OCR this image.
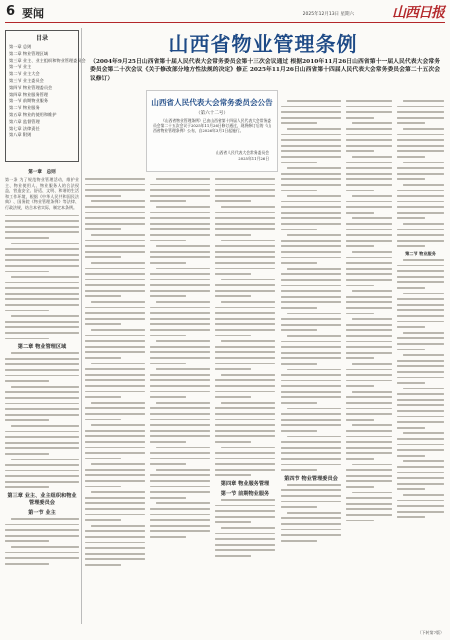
6 要闻	2025年12月13日 星期六	山西日报
目录
第一章 总则
第二章 物业管理区域
第三章 业主、业主组织和物业管理委员会
第一节 业主
第二节 业主大会
第三节 业主委员会
第四节 物业管理委员会
第四章 物业服务管理
第一节 前期物业服务
第二节 物业服务
第五章 物业的使用和维护
第六章 监督管理
第七章 法律责任
第八章 附则
山西省物业管理条例
（2004年9月25日山西省第十届人民代表大会常务委员会第十三次会议通过 根据2010年11月26日山西省第十一届人民代表大会常务委员会第二十次会议《关于修改部分地方性法规的决定》修正 2025年11月26日山西省第十四届人民代表大会常务委员会第二十五次会议修订）
山西省人民代表大会常务委员会公告
（第六十二号）
《山西省物业管理条例》已由山西省第十四届人民代表大会常务委员会第二十五次会议于2025年11月26日修订通过，现将修订后的《山西省物业管理条例》公布，自2026年3月1日起施行。
山西省人民代表大会常务委员会
2025年11月26日
第一章　总则
第一条 为了规范物业管理活动，维护业主、物业使用人、物业服务人的合法权益，营造安全、舒适、文明、和谐的生活和工作环境，根据《中华人民共和国民法典》、国务院《物业管理条例》等法律、行政法规，结合本省实际，制定本条例。
第二章 物业管理区域
第三章 业主、业主组织和物业管理委员会
第一节 业主
第四章 物业服务管理
第一节 前期物业服务
第四节 物业管理委员会
第二节 物业服务
（下转第7版）
